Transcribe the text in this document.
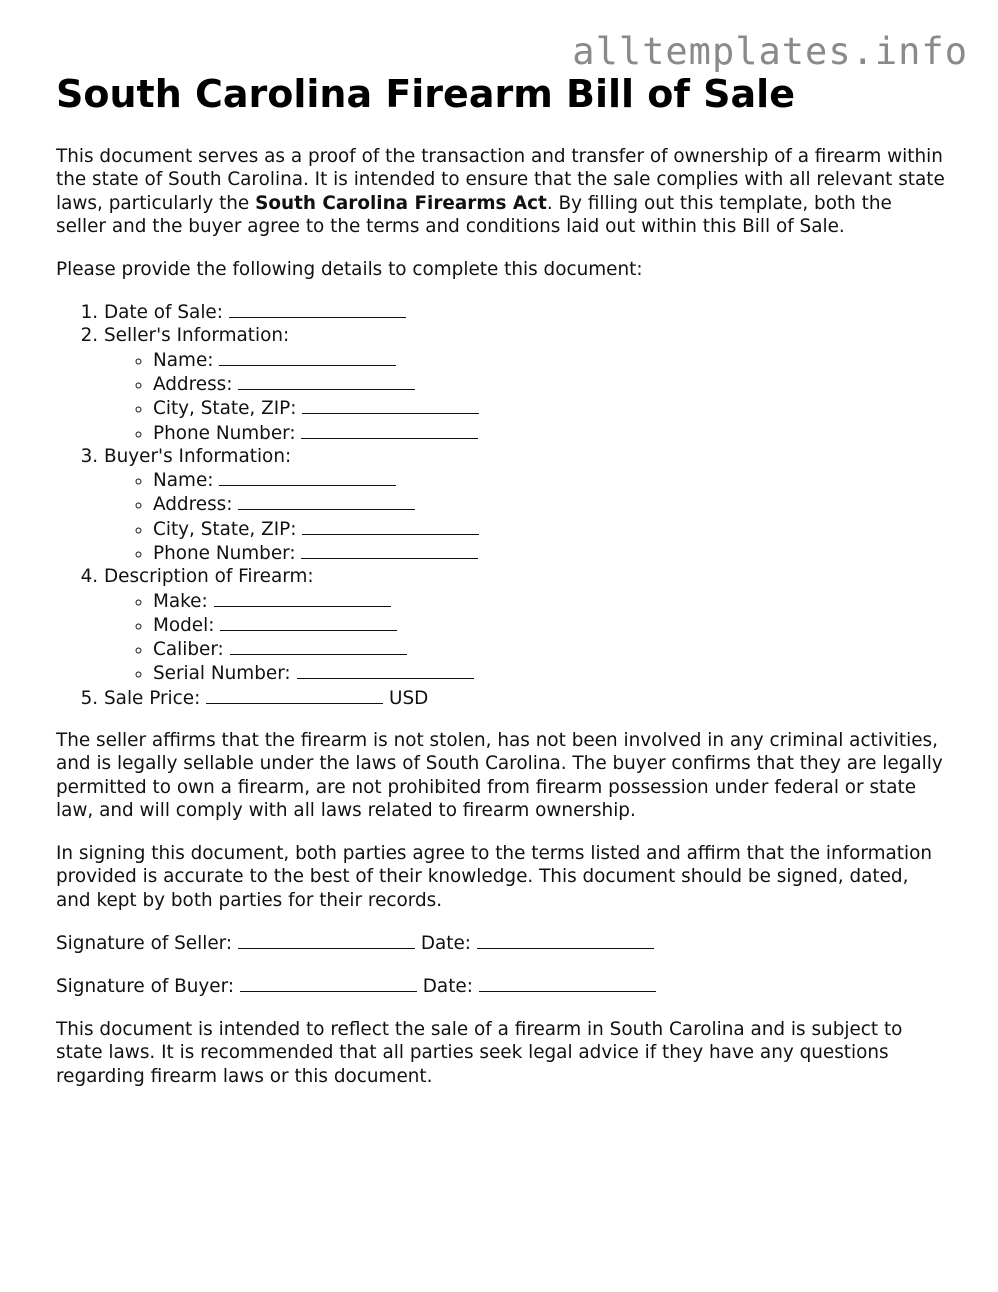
alltemplates.info
South Carolina Firearm Bill of Sale

This document serves as a proof of the transaction and transfer of ownership of a firearm within the state of South Carolina. It is intended to ensure that the sale complies with all relevant state laws, particularly the South Carolina Firearms Act. By filling out this template, both the seller and the buyer agree to the terms and conditions laid out within this Bill of Sale.

Please provide the following details to complete this document:

1. Date of Sale:
2. Seller's Information:
◦ Name:
◦ Address:
◦ City, State, ZIP:
◦ Phone Number:
3. Buyer's Information:
◦ Name:
◦ Address:
◦ City, State, ZIP:
◦ Phone Number:
4. Description of Firearm:
◦ Make:
◦ Model:
◦ Caliber:
◦ Serial Number:
5. Sale Price:	USD

The seller affirms that the firearm is not stolen, has not been involved in any criminal activities, and is legally sellable under the laws of South Carolina. The buyer confirms that they are legally permitted to own a firearm, are not prohibited from firearm possession under federal or state law, and will comply with all laws related to firearm ownership.

In signing this document, both parties agree to the terms listed and affirm that the information provided is accurate to the best of their knowledge. This document should be signed, dated, and kept by both parties for their records.

Signature of Seller:	Date:

Signature of Buyer:	Date:

This document is intended to reflect the sale of a firearm in South Carolina and is subject to state laws. It is recommended that all parties seek legal advice if they have any questions regarding firearm laws or this document.
